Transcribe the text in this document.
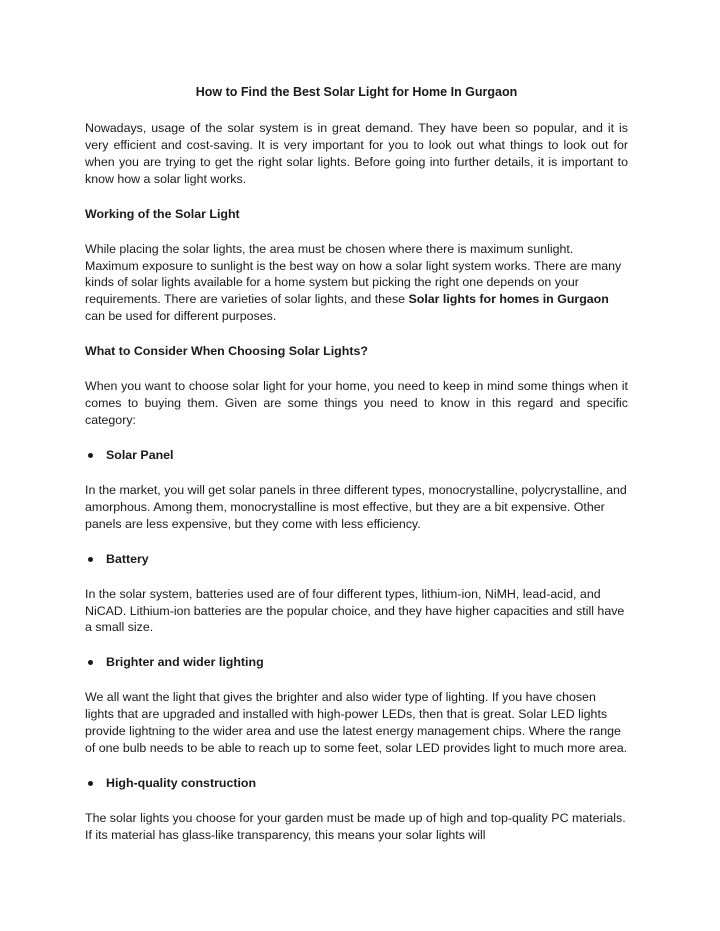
How to Find the Best Solar Light for Home In Gurgaon

Nowadays, usage of the solar system is in great demand. They have been so popular, and it is very efficient and cost-saving. It is very important for you to look out what things to look out for when you are trying to get the right solar lights. Before going into further details, it is important to know how a solar light works.

Working of the Solar Light

While placing the solar lights, the area must be chosen where there is maximum sunlight. Maximum exposure to sunlight is the best way on how a solar light system works. There are many kinds of solar lights available for a home system but picking the right one depends on your requirements. There are varieties of solar lights, and these Solar lights for homes in Gurgaon can be used for different purposes.

What to Consider When Choosing Solar Lights?

When you want to choose solar light for your home, you need to keep in mind some things when it comes to buying them. Given are some things you need to know in this regard and specific category:

Solar Panel

In the market, you will get solar panels in three different types, monocrystalline, polycrystalline, and amorphous. Among them, monocrystalline is most effective, but they are a bit expensive. Other panels are less expensive, but they come with less efficiency.

Battery

In the solar system, batteries used are of four different types, lithium-ion, NiMH, lead-acid, and NiCAD. Lithium-ion batteries are the popular choice, and they have higher capacities and still have a small size.

Brighter and wider lighting

We all want the light that gives the brighter and also wider type of lighting. If you have chosen lights that are upgraded and installed with high-power LEDs, then that is great. Solar LED lights provide lightning to the wider area and use the latest energy management chips. Where the range of one bulb needs to be able to reach up to some feet, solar LED provides light to much more area.

High-quality construction

The solar lights you choose for your garden must be made up of high and top-quality PC materials. If its material has glass-like transparency, this means your solar lights will
